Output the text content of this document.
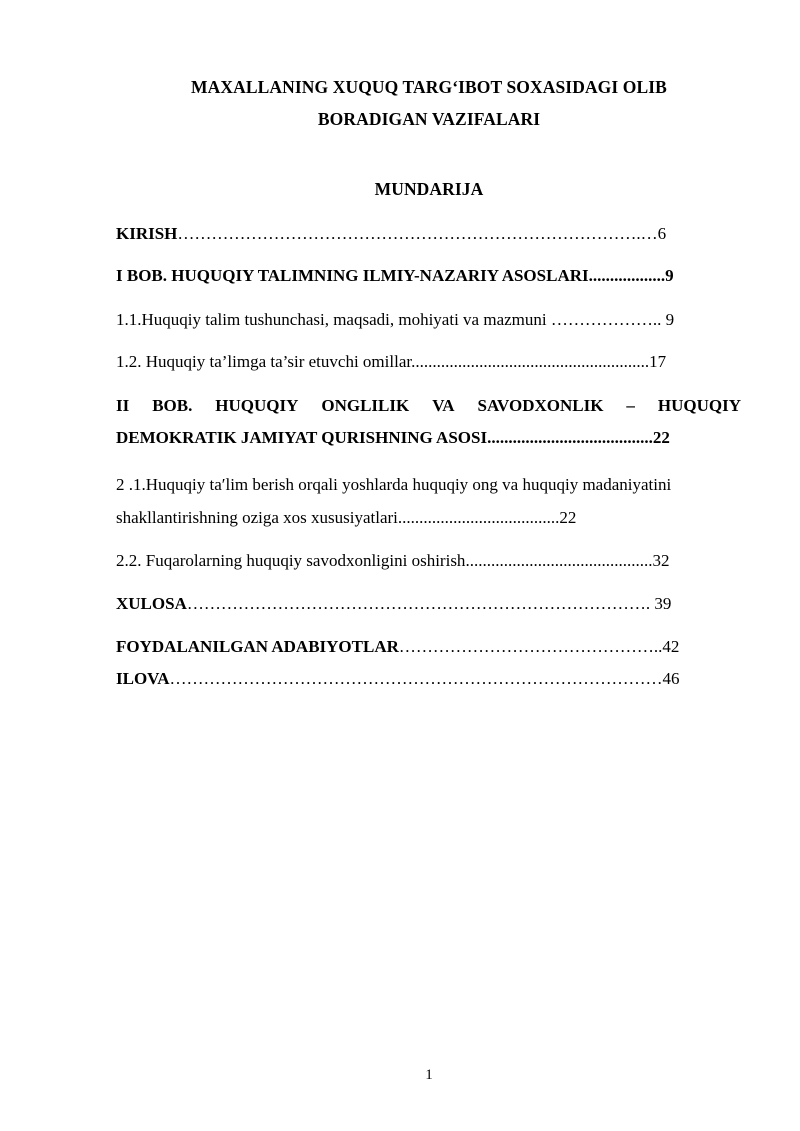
MAXALLANING XUQUQ TARG‘IBOT SOXASIDAGI OLIB
BORADIGAN VAZIFALARI
MUNDARIJA
KIRISH……………………………………………………………………….…6
I BOB. HUQUQIY TALIMNING ILMIY-NAZARIY ASOSLARI..................9
1.1.Huquqiy talim tushunchasi, maqsadi, mohiyati va mazmuni ……………….. 9
1.2. Huquqiy ta’limga ta’sir etuvchi omillar........................................................17
II BOB. HUQUQIY ONGLILIK VA SAVODXONLIK – HUQUQIY
DEMOKRATIK JAMIYAT QURISHNING ASOSI.......................................22
2 .1.Huquqiy taʹlim berish orqali yoshlarda huquqiy ong va huquqiy madaniyatini
shakllantirishning oziga xos xususiyatlari......................................22
2.2. Fuqarolarning huquqiy savodxonligini oshirish............................................32
XULOSA………………………………………………………………………. 39
FOYDALANILGAN ADABIYOTLAR………………………………………..42
ILOVA……………………………………………………………………………46
1
